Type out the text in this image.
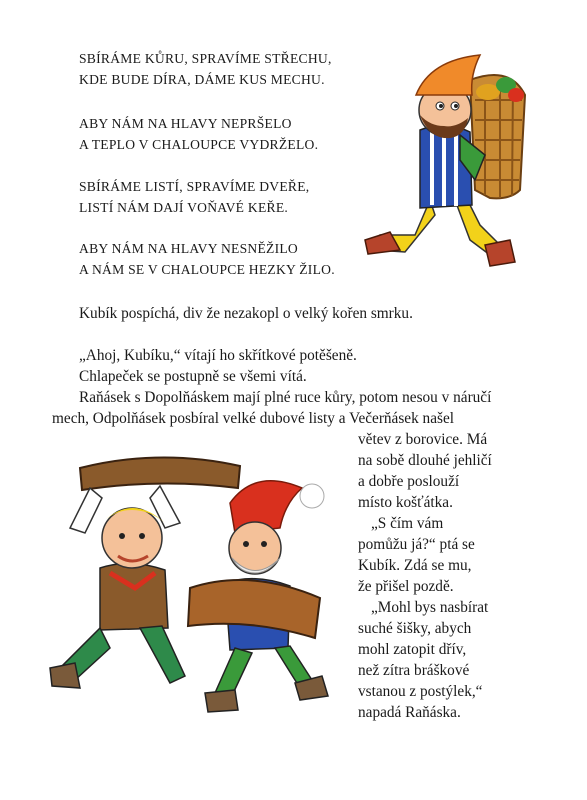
SBÍRÁME KŮRU, SPRAVÍME STŘECHU,
KDE BUDE DÍRA, DÁME KUS MECHU.
ABY NÁM NA HLAVY NEPRŠELO
A TEPLO V CHALOUPCE VYDRŽELO.
SBÍRÁME LISTÍ, SPRAVÍME DVEŘE,
LISTÍ NÁM DAJÍ VOŇAVÉ KEŘE.
ABY NÁM NA HLAVY NESNĚŽILO
A NÁM SE V CHALOUPCE HEZKY ŽILO.

Kubík pospíchá, div že nezakopl o velký kořen smrku.

„Ahoj, Kubíku,“ vítají ho skřítkové potěšeně.

Chlapeček se postupně se všemi vítá.

Raňásek s Dopolňáskem mají plné ruce kůry, potom nesou v náručí

mech, Odpolňásek posbíral velké dubové listy a Večerňásek našel

větev z borovice. Má

na sobě dlouhé jehličí

a dobře poslouží

místo košťátka.

„S čím vám

pomůžu já?“ ptá se

Kubík. Zdá se mu,

že přišel pozdě.

„Mohl bys nasbírat

suché šišky, abych

mohl zatopit dřív,

než zítra bráškové

vstanou z postýlek,“

napadá Raňáska.
